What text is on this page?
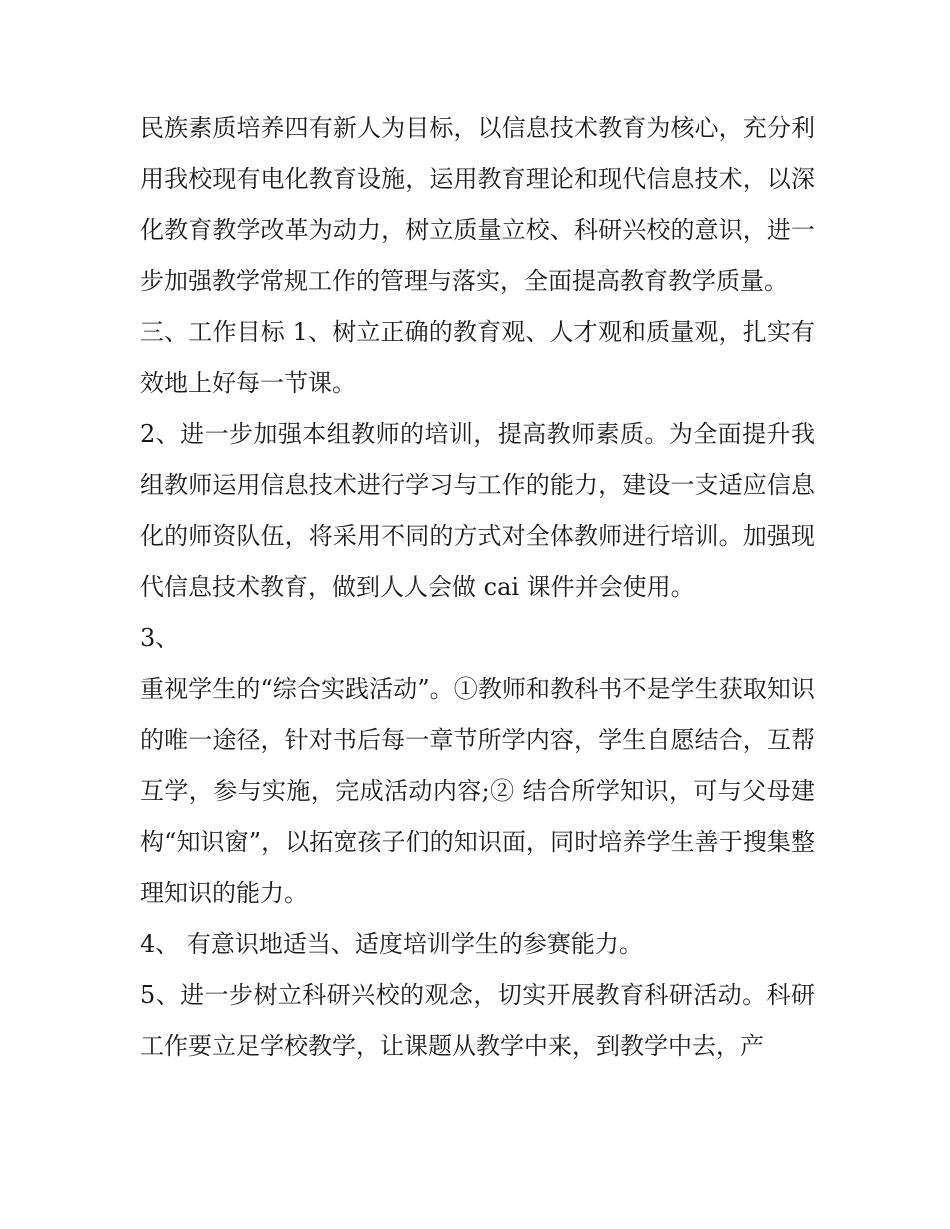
民族素质培养四有新人为目标，以信息技术教育为核心，充分利用我校现有电化教育设施，运用教育理论和现代信息技术，以深化教育教学改革为动力，树立质量立校、科研兴校的意识，进一步加强教学常规工作的管理与落实，全面提高教育教学质量。

三、工作目标 1、树立正确的教育观、人才观和质量观，扎实有效地上好每一节课。

2、进一步加强本组教师的培训，提高教师素质。为全面提升我组教师运用信息技术进行学习与工作的能力，建设一支适应信息化的师资队伍，将采用不同的方式对全体教师进行培训。加强现代信息技术教育，做到人人会做 cai 课件并会使用。

3、

重视学生的“综合实践活动”。①教师和教科书不是学生获取知识的唯一途径，针对书后每一章节所学内容，学生自愿结合，互帮互学，参与实施，完成活动内容;② 结合所学知识，可与父母建构“知识窗”，以拓宽孩子们的知识面，同时培养学生善于搜集整理知识的能力。

4、 有意识地适当、适度培训学生的参赛能力。

5、进一步树立科研兴校的观念，切实开展教育科研活动。科研工作要立足学校教学，让课题从教学中来，到教学中去，产
